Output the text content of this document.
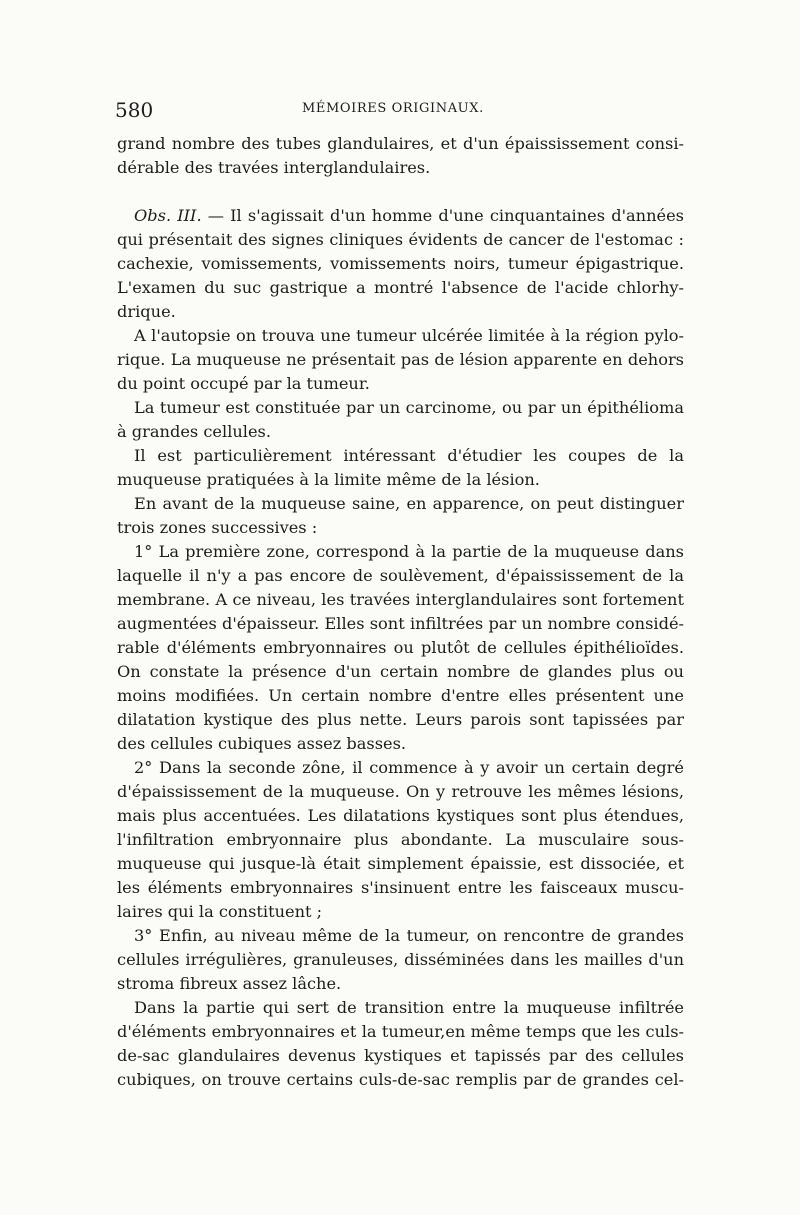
580	MÉMOIRES ORIGINAUX.
grand nombre des tubes glandulaires, et d'un épaississement consi-
dérable des travées interglandulaires.
Obs. III. — Il s'agissait d'un homme d'une cinquantaines d'années
qui présentait des signes cliniques évidents de cancer de l'estomac :
cachexie, vomissements, vomissements noirs, tumeur épigastrique.
L'examen du suc gastrique a montré l'absence de l'acide chlorhy-
drique.
A l'autopsie on trouva une tumeur ulcérée limitée à la région pylo-
rique. La muqueuse ne présentait pas de lésion apparente en dehors
du point occupé par la tumeur.
La tumeur est constituée par un carcinome, ou par un épithélioma
à grandes cellules.
Il est particulièrement intéressant d'étudier les coupes de la
muqueuse pratiquées à la limite même de la lésion.
En avant de la muqueuse saine, en apparence, on peut distinguer
trois zones successives :
1° La première zone, correspond à la partie de la muqueuse dans
laquelle il n'y a pas encore de soulèvement, d'épaississement de la
membrane. A ce niveau, les travées interglandulaires sont fortement
augmentées d'épaisseur. Elles sont infiltrées par un nombre considé-
rable d'éléments embryonnaires ou plutôt de cellules épithélioïdes.
On constate la présence d'un certain nombre de glandes plus ou
moins modifiées. Un certain nombre d'entre elles présentent une
dilatation kystique des plus nette. Leurs parois sont tapissées par
des cellules cubiques assez basses.
2° Dans la seconde zône, il commence à y avoir un certain degré
d'épaississement de la muqueuse. On y retrouve les mêmes lésions,
mais plus accentuées. Les dilatations kystiques sont plus étendues,
l'infiltration embryonnaire plus abondante. La musculaire sous-
muqueuse qui jusque-là était simplement épaissie, est dissociée, et
les éléments embryonnaires s'insinuent entre les faisceaux muscu-
laires qui la constituent ;
3° Enfin, au niveau même de la tumeur, on rencontre de grandes
cellules irrégulières, granuleuses, disséminées dans les mailles d'un
stroma fibreux assez lâche.
Dans la partie qui sert de transition entre la muqueuse infiltrée
d'éléments embryonnaires et la tumeur,en même temps que les culs-
de-sac glandulaires devenus kystiques et tapissés par des cellules
cubiques, on trouve certains culs-de-sac remplis par de grandes cel-
